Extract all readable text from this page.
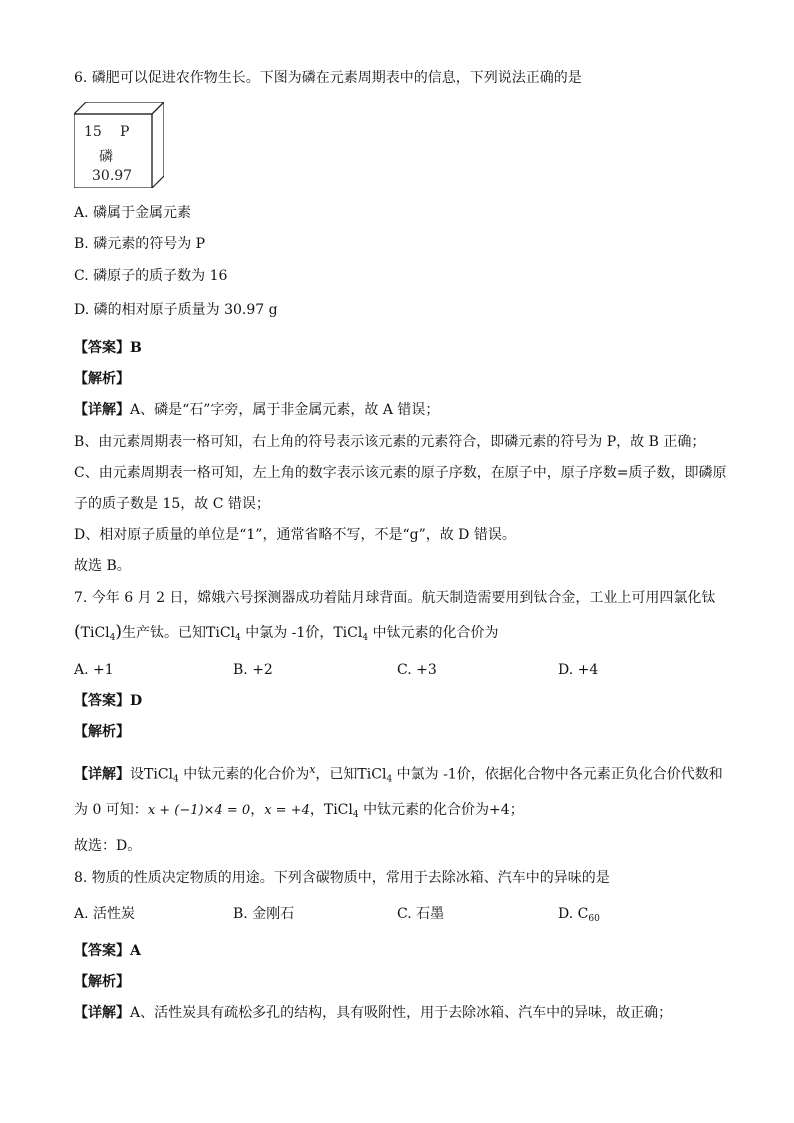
6. 磷肥可以促进农作物生长。下图为磷在元素周期表中的信息，下列说法正确的是
15 P
磷
30.97
A. 磷属于金属元素
B. 磷元素的符号为 P
C. 磷原子的质子数为 16
D. 磷的相对原子质量为 30.97 g
【答案】B
【解析】
【详解】A、磷是“石”字旁，属于非金属元素，故 A 错误；
B、由元素周期表一格可知，右上角的符号表示该元素的元素符合，即磷元素的符号为 P，故 B 正确；
C、由元素周期表一格可知，左上角的数字表示该元素的原子序数，在原子中，原子序数=质子数，即磷原
子的质子数是 15，故 C 错误；
D、相对原子质量的单位是“1”，通常省略不写，不是“g”，故 D 错误。
故选 B。
7. 今年 6 月 2 日，嫦娥六号探测器成功着陆月球背面。航天制造需要用到钛合金，工业上可用四氯化钛
(TiCl$_4$)生产钛。已知TiCl$_4$ 中氯为 -1价，TiCl$_4$ 中钛元素的化合价为
A. +1	B. +2	C. +3	D. +4
【答案】D
【解析】
【详解】设TiCl$_4$ 中钛元素的化合价为$^x$，已知TiCl$_4$ 中氯为 -1价，依据化合物中各元素正负化合价代数和
为 0 可知：x + (−1)×4 = 0，x = +4，TiCl$_4$ 中钛元素的化合价为+4；
故选：D。
8. 物质的性质决定物质的用途。下列含碳物质中，常用于去除冰箱、汽车中的异味的是
A. 活性炭	B. 金刚石	C. 石墨	D. $C_{60}$
【答案】A
【解析】
【详解】A、活性炭具有疏松多孔的结构，具有吸附性，用于去除冰箱、汽车中的异味，故正确；
